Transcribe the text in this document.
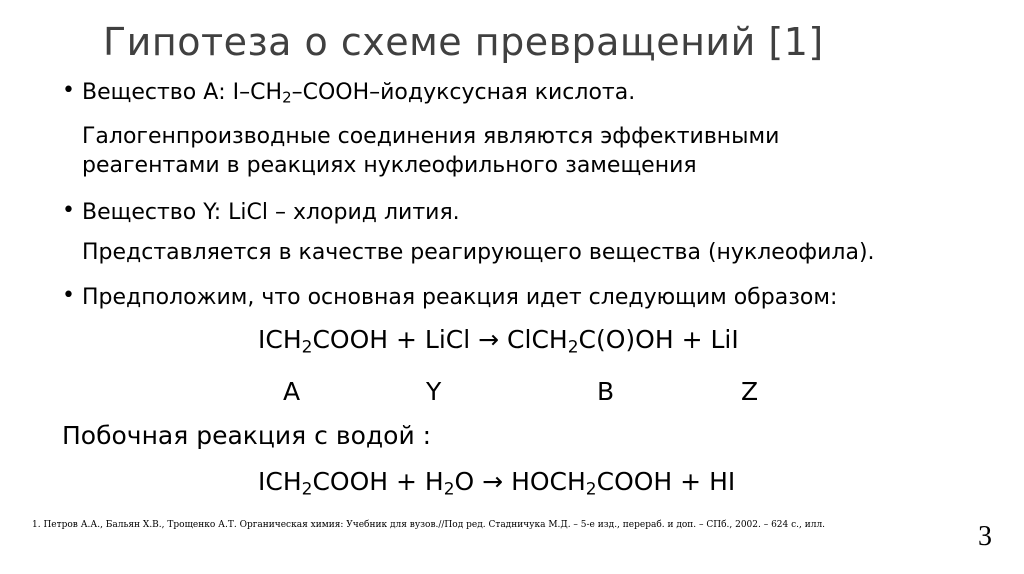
Гипотеза о схеме превращений [1]
• Вещество А: $I-CH_2-COOH$–йодуксусная кислота.
Галогенпроизводные соединения являются эффективными
реагентами в реакциях нуклеофильного замещения
• Вещество Y: LiCl – хлорид лития.
Представляется в качестве реагирующего вещества (нуклеофила).
• Предположим, что основная реакция идет следующим образом:
$ICH_2COOH$ + LiCl → ClCH$_2$C(O)OH + LiI
A	Y	B	Z
Побочная реакция с водой :
$ICH_2COOH + H_2O$ → $HOCH_2COOH$ + HI
1. Петров А.А., Бальян Х.В., Трощенко А.Т. Органическая химия: Учебник для вузов.//Под ред. Стадничука М.Д. – 5-е изд., перераб. и доп. – СПб., 2002. – 624 с., илл.	3
